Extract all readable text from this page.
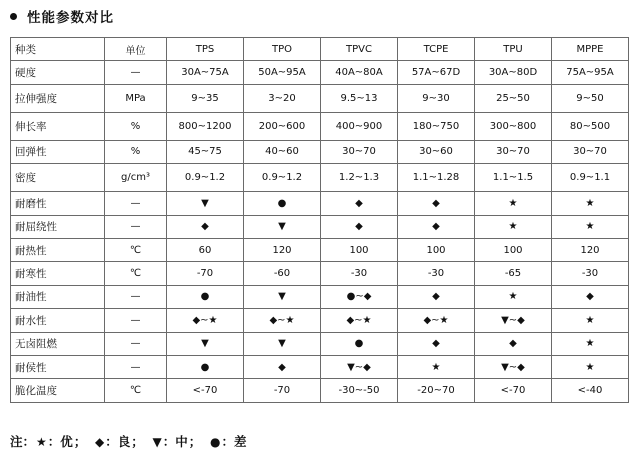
性能参数对比
种类	单位	TPS	TPO	TPVC	TCPE	TPU	MPPE
硬度	—	30A~75A	50A~95A	40A~80A	57A~67D	30A~80D	75A~95A
拉伸强度	MPa	9~35	3~20	9.5~13	9~30	25~50	9~50
伸长率	%	800~1200	200~600	400~900	180~750	300~800	80~500
回弹性	%	45~75	40~60	30~70	30~60	30~70	30~70
密度	g/cm³	0.9~1.2	0.9~1.2	1.2~1.3	1.1~1.28	1.1~1.5	0.9~1.1
耐磨性	—	▼	●	◆	◆	★	★
耐屈绕性	—	◆	▼	◆	◆	★	★
耐热性	℃	60	120	100	100	100	120
耐寒性	℃	-70	-60	-30	-30	-65	-30
耐油性	—	●	▼	●~◆	◆	★	◆
耐水性	—	◆~★	◆~★	◆~★	◆~★	▼~◆	★
无卤阻燃	—	▼	▼	●	◆	◆	★
耐侯性	—	●	◆	▼~◆	★	▼~◆	★
脆化温度	℃	<-70	-70	-30~-50	-20~70	<-70	<-40
注：★：优；  ◆：良；  ▼：中；  ●：差
